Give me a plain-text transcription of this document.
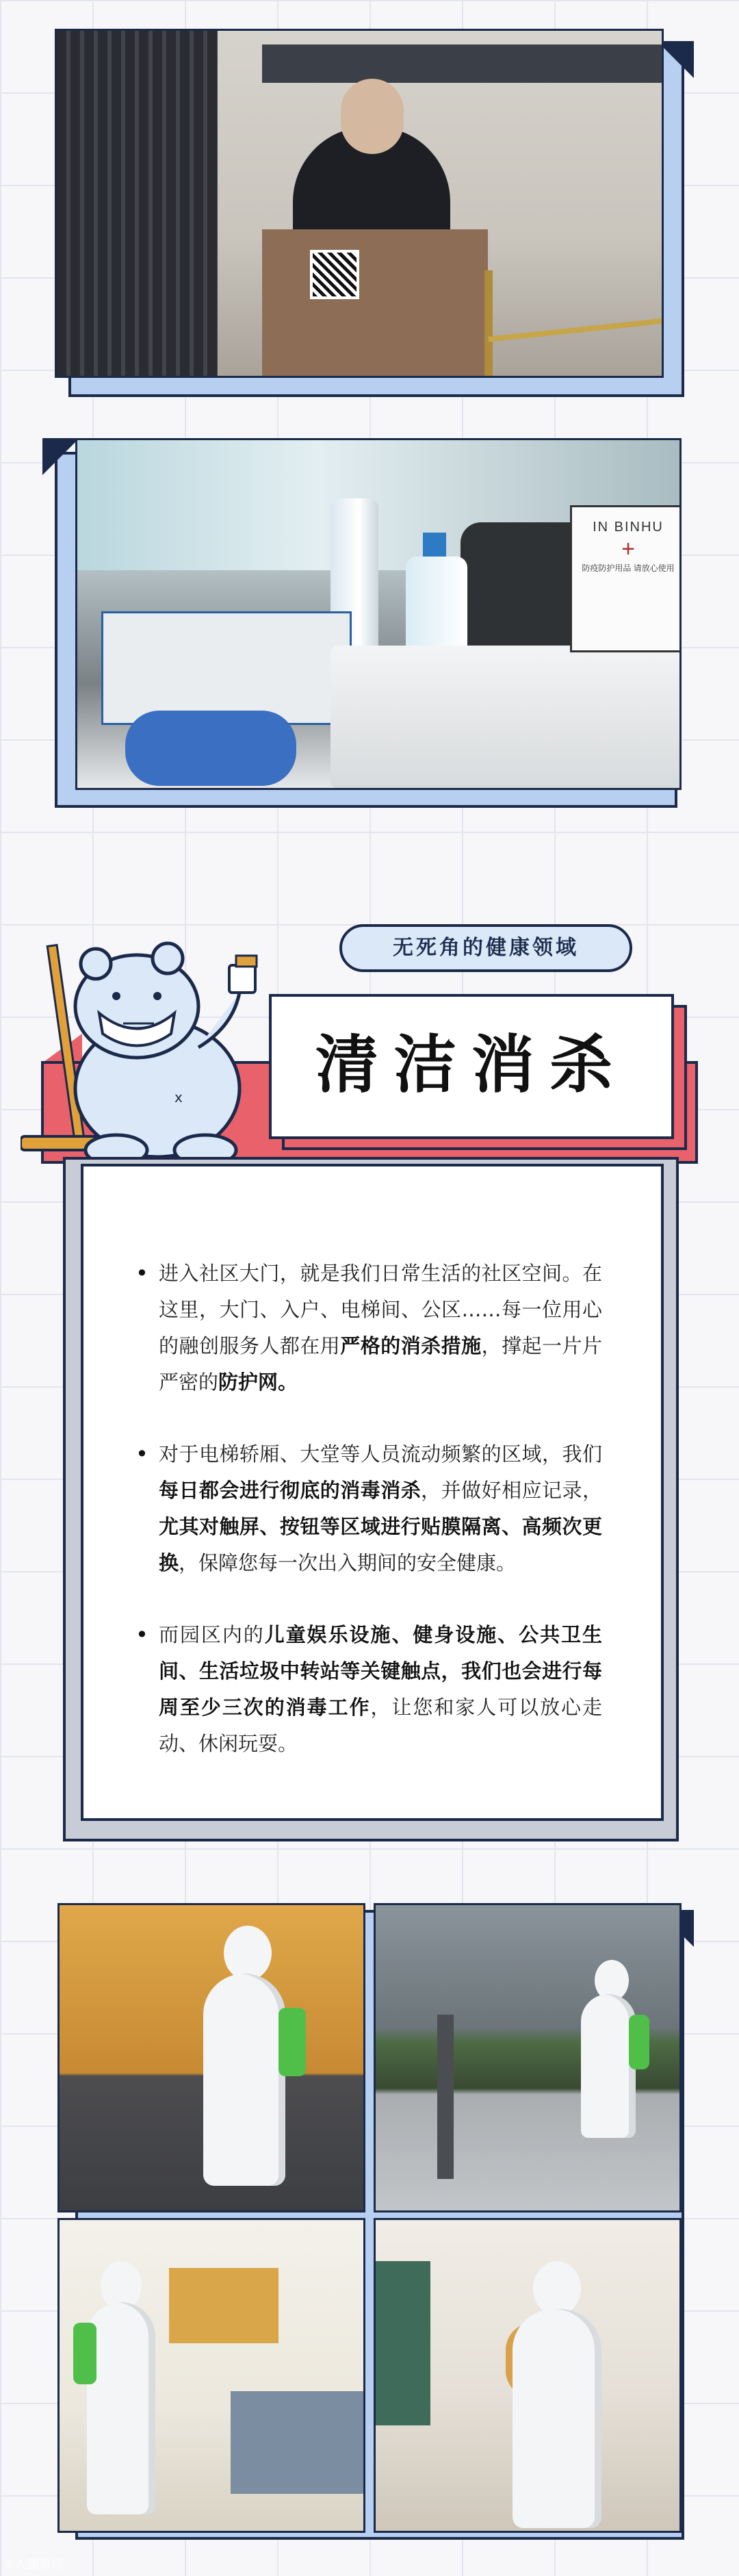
IN BINHU
+
防疫防护用品 请放心使用
无死角的健康领域
清洁消杀
x
• 进入社区大门，就是我们日常生活的社区空间。在这里，大门、入户、电梯间、公区……每一位用心的融创服务人都在用严格的消杀措施，撑起一片片严密的防护网。
• 对于电梯轿厢、大堂等人员流动频繁的区域，我们每日都会进行彻底的消毒消杀，并做好相应记录，尤其对触屏、按钮等区域进行贴膜隔离、高频次更换，保障您每一次出入期间的安全健康。
• 而园区内的儿童娱乐设施、健身设施、公共卫生间、生活垃圾中转站等关键触点，我们也会进行每周至少三次的消毒工作，让您和家人可以放心走动、休闲玩耍。
©大鹏新闻
